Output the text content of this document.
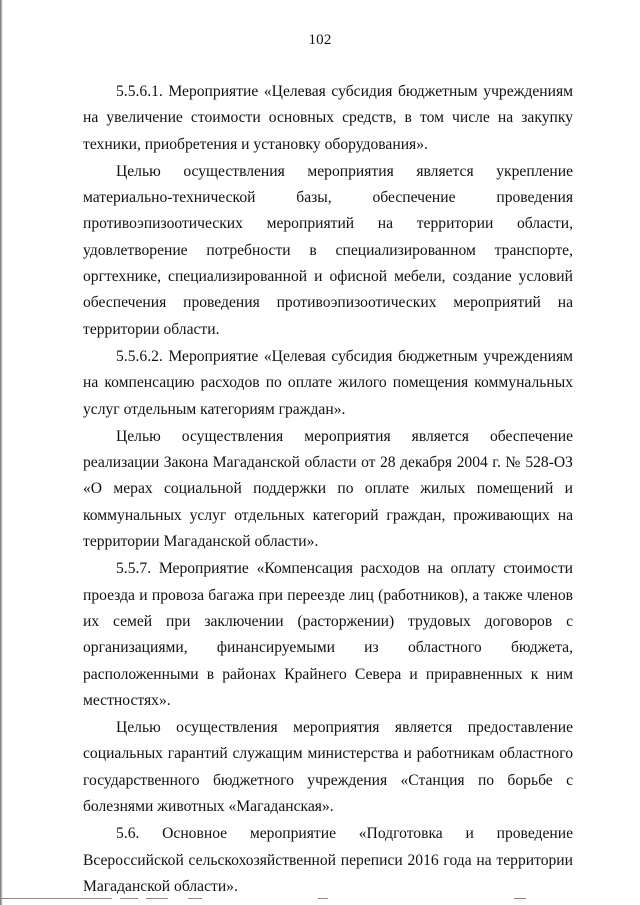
102

5.5.6.1. Мероприятие «Целевая субсидия бюджетным учреждениям на увеличение стоимости основных средств, в том числе на закупку техники, приобретения и установку оборудования».

Целью осуществления мероприятия является укрепление материально-технической базы, обеспечение проведения противоэпизоотических мероприятий на территории области, удовлетворение потребности в специализированном транспорте, оргтехнике, специализированной и офисной мебели, создание условий обеспечения проведения противоэпизоотических мероприятий на территории области.

5.5.6.2. Мероприятие «Целевая субсидия бюджетным учреждениям на компенсацию расходов по оплате жилого помещения коммунальных услуг отдельным категориям граждан».

Целью осуществления мероприятия является обеспечение реализации Закона Магаданской области от 28 декабря 2004 г. № 528-ОЗ «О мерах социальной поддержки по оплате жилых помещений и коммунальных услуг отдельных категорий граждан, проживающих на территории Магаданской области».

5.5.7. Мероприятие «Компенсация расходов на оплату стоимости проезда и провоза багажа при переезде лиц (работников), а также членов их семей при заключении (расторжении) трудовых договоров с организациями, финансируемыми из областного бюджета, расположенными в районах Крайнего Севера и приравненных к ним местностях».

Целью осуществления мероприятия является предоставление социальных гарантий служащим министерства и работникам областного государственного бюджетного учреждения «Станция по борьбе с болезнями животных «Магаданская».

5.6. Основное мероприятие «Подготовка и проведение Всероссийской сельскохозяйственной переписи 2016 года на территории Магаданской области».
